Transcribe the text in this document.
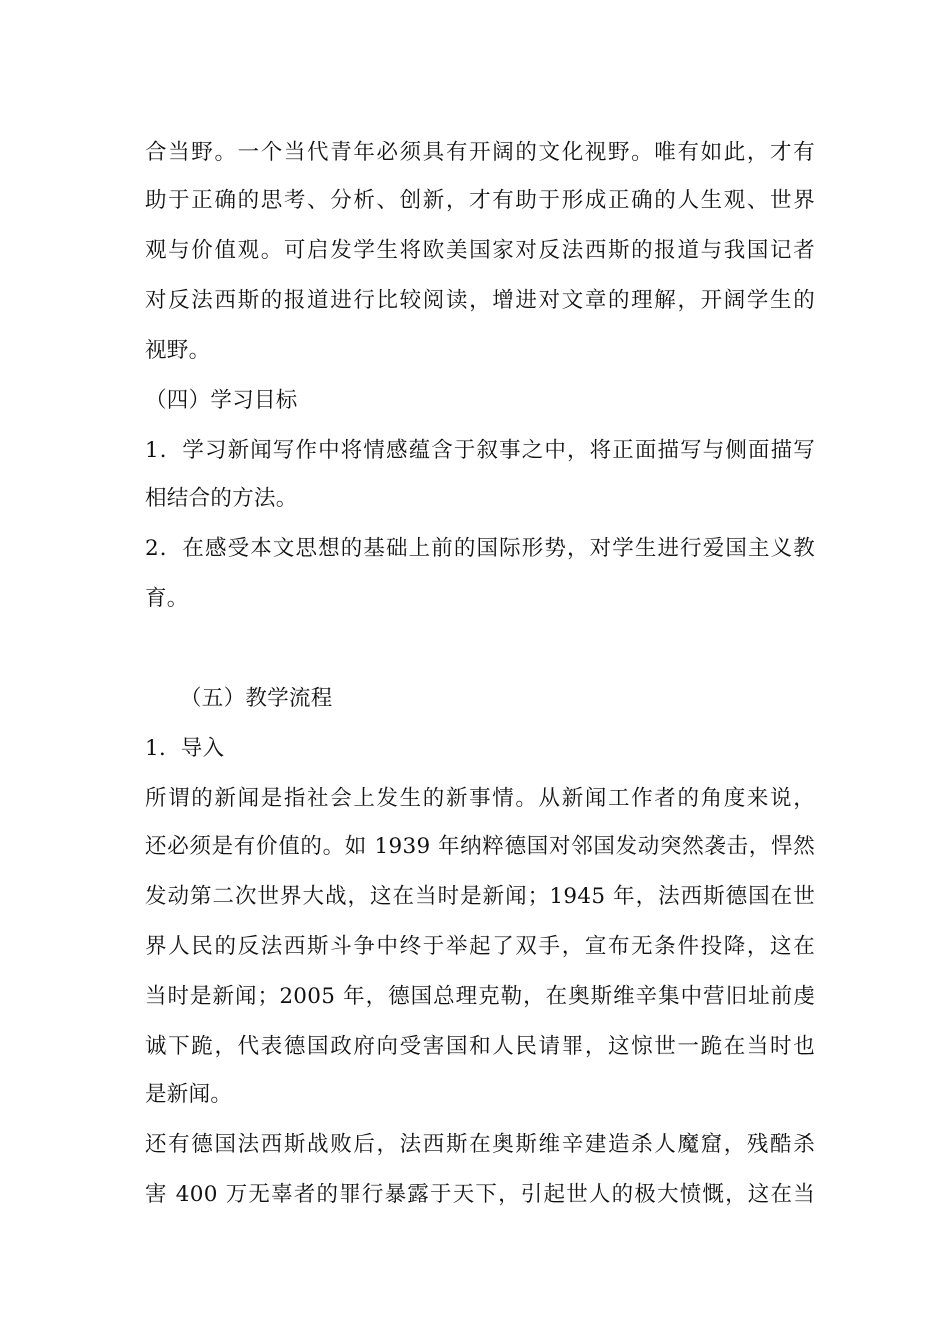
合当野。一个当代青年必须具有开阔的文化视野。唯有如此，才有
助于正确的思考、分析、创新，才有助于形成正确的人生观、世界
观与价值观。可启发学生将欧美国家对反法西斯的报道与我国记者
对反法西斯的报道进行比较阅读，增进对文章的理解，开阔学生的
视野。
（四）学习目标
1．学习新闻写作中将情感蕴含于叙事之中，将正面描写与侧面描写
相结合的方法。
2．在感受本文思想的基础上前的国际形势，对学生进行爱国主义教
育。
（五）教学流程
1．导入
所谓的新闻是指社会上发生的新事情。从新闻工作者的角度来说，
还必须是有价值的。如 1939 年纳粹德国对邻国发动突然袭击，悍然
发动第二次世界大战，这在当时是新闻；1945 年，法西斯德国在世
界人民的反法西斯斗争中终于举起了双手，宣布无条件投降，这在
当时是新闻；2005 年，德国总理克勒，在奥斯维辛集中营旧址前虔
诚下跪，代表德国政府向受害国和人民请罪，这惊世一跪在当时也
是新闻。
还有德国法西斯战败后，法西斯在奥斯维辛建造杀人魔窟，残酷杀
害 400 万无辜者的罪行暴露于天下，引起世人的极大愤慨，这在当
